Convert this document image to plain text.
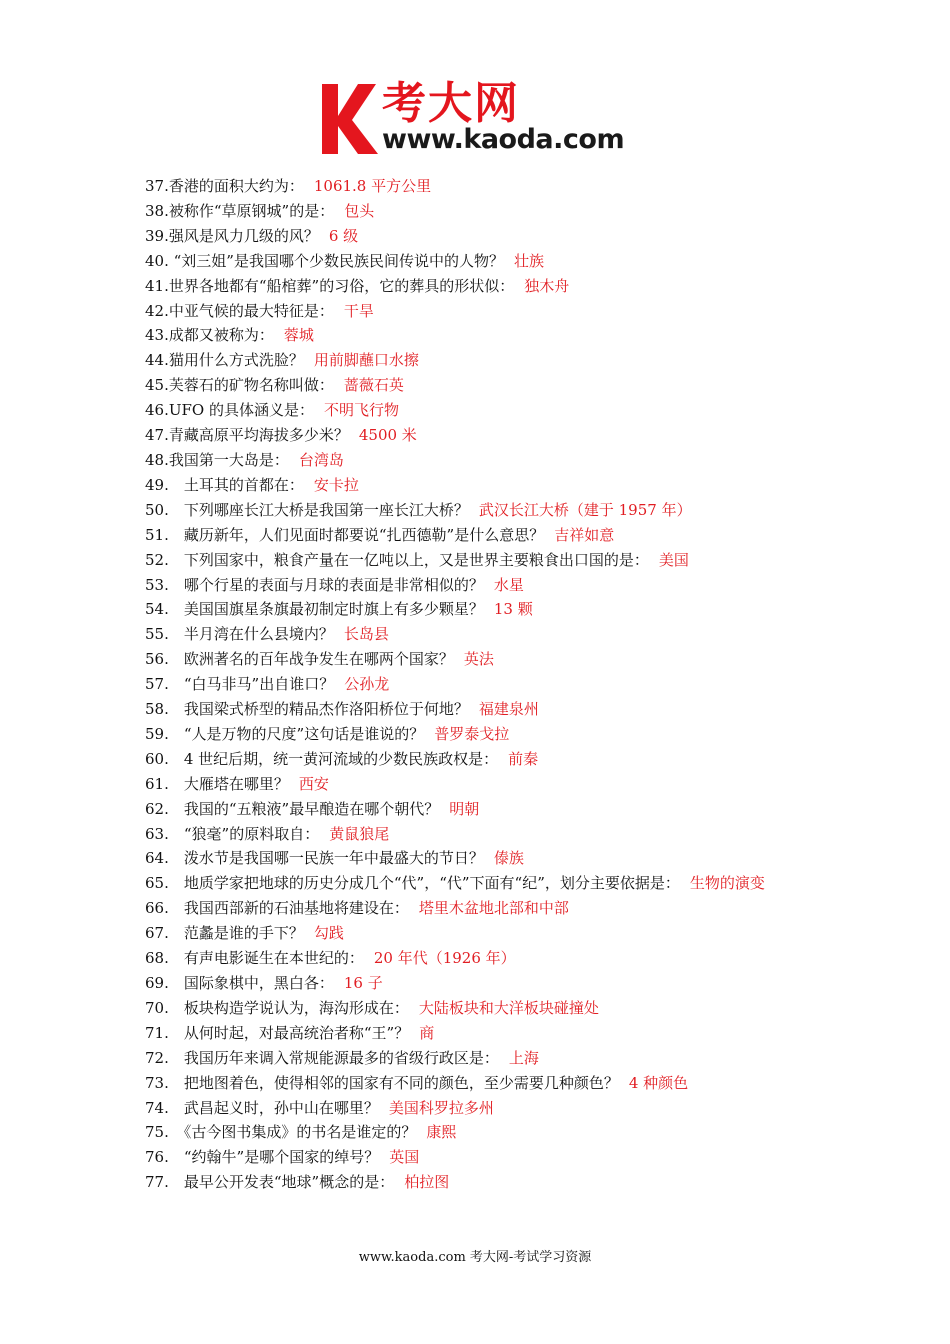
考大网
www.kaoda.com
37.香港的面积大约为： 1061.8 平方公里
38.被称作“草原钢城”的是： 包头
39.强风是风力几级的风？ 6 级
40. “刘三姐”是我国哪个少数民族民间传说中的人物？ 壮族
41.世界各地都有“船棺葬”的习俗，它的葬具的形状似： 独木舟
42.中亚气候的最大特征是： 干旱
43.成都又被称为： 蓉城
44.猫用什么方式洗脸？ 用前脚蘸口水擦
45.芙蓉石的矿物名称叫做： 蔷薇石英
46.UFO 的具体涵义是： 不明飞行物
47.青藏高原平均海拔多少米？ 4500 米
48.我国第一大岛是： 台湾岛
49.　土耳其的首都在： 安卡拉
50.　下列哪座长江大桥是我国第一座长江大桥？ 武汉长江大桥（建于 1957 年）
51.　藏历新年，人们见面时都要说“扎西德勒”是什么意思？ 吉祥如意
52.　下列国家中，粮食产量在一亿吨以上，又是世界主要粮食出口国的是： 美国
53.　哪个行星的表面与月球的表面是非常相似的？ 水星
54.　美国国旗星条旗最初制定时旗上有多少颗星？ 13 颗
55.　半月湾在什么县境内？ 长岛县
56.　欧洲著名的百年战争发生在哪两个国家？ 英法
57.　“白马非马”出自谁口？ 公孙龙
58.　我国梁式桥型的精品杰作洛阳桥位于何地？ 福建泉州
59.　“人是万物的尺度”这句话是谁说的？ 普罗泰戈拉
60.　4 世纪后期，统一黄河流域的少数民族政权是： 前秦
61.　大雁塔在哪里？ 西安
62.　我国的“五粮液”最早酿造在哪个朝代？ 明朝
63.　“狼毫”的原料取自： 黄鼠狼尾
64.　泼水节是我国哪一民族一年中最盛大的节日？ 傣族
65.　地质学家把地球的历史分成几个“代”，“代”下面有“纪”，划分主要依据是： 生物的演变
66.　我国西部新的石油基地将建设在： 塔里木盆地北部和中部
67.　范蠡是谁的手下？ 勾践
68.　有声电影诞生在本世纪的： 20 年代（1926 年）
69.　国际象棋中，黑白各： 16 子
70.　板块构造学说认为，海沟形成在： 大陆板块和大洋板块碰撞处
71.　从何时起，对最高统治者称“王”？ 商
72.　我国历年来调入常规能源最多的省级行政区是： 上海
73.　把地图着色，使得相邻的国家有不同的颜色，至少需要几种颜色？ 4 种颜色
74.　武昌起义时，孙中山在哪里？ 美国科罗拉多州
75.　《古今图书集成》的书名是谁定的？ 康熙
76.　“约翰牛”是哪个国家的绰号？ 英国
77.　最早公开发表“地球”概念的是： 柏拉图
www.kaoda.com 考大网-考试学习资源
